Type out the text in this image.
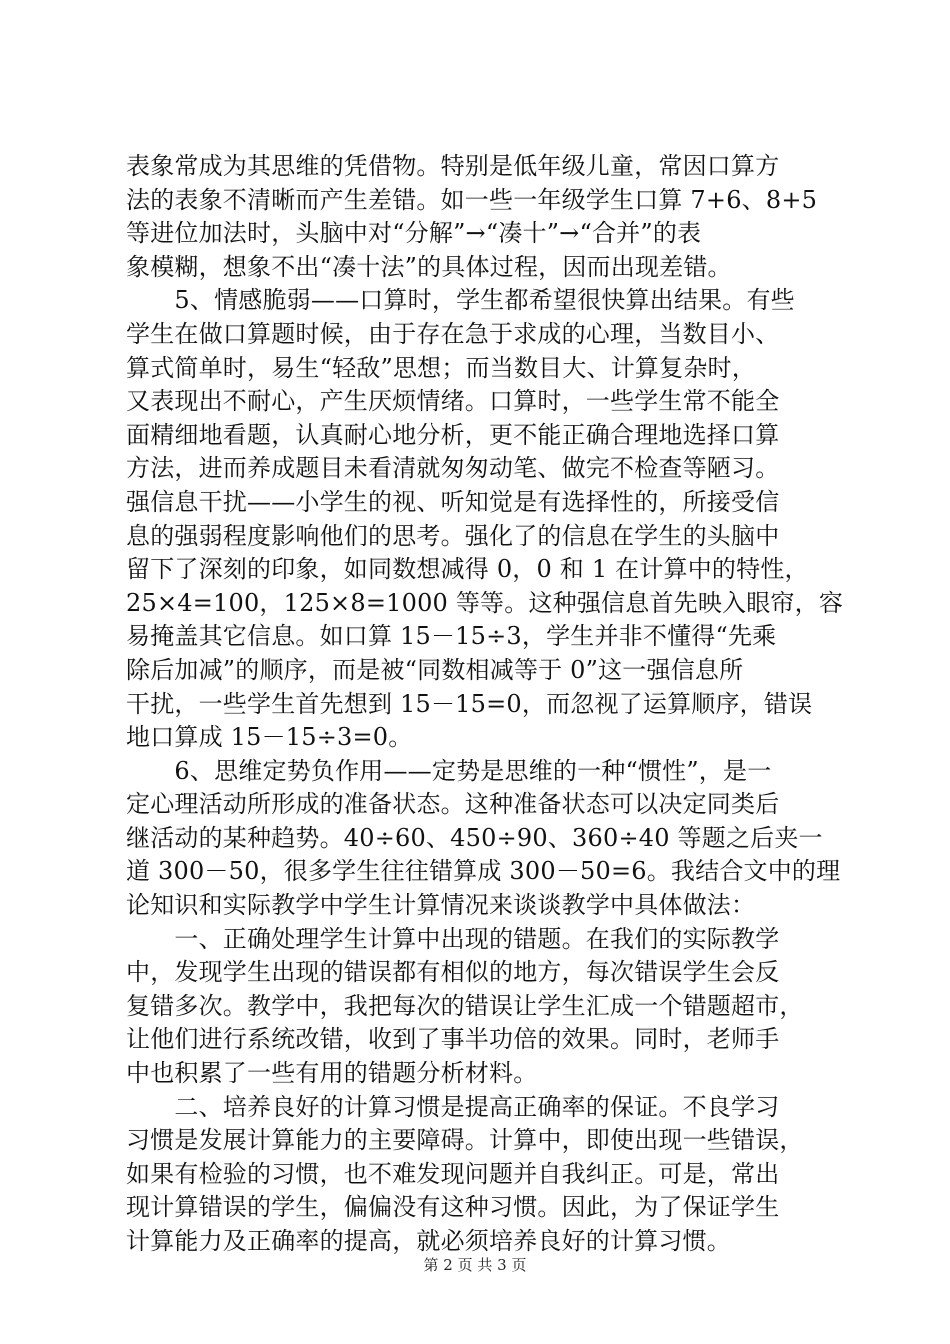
表象常成为其思维的凭借物。特别是低年级儿童，常因口算方
法的表象不清晰而产生差错。如一些一年级学生口算 7+6、8+5
等进位加法时，头脑中对“分解”→“凑十”→“合并”的表
象模糊，想象不出“凑十法”的具体过程，因而出现差错。
　　5、情感脆弱——口算时，学生都希望很快算出结果。有些
学生在做口算题时候，由于存在急于求成的心理，当数目小、
算式简单时，易生“轻敌”思想；而当数目大、计算复杂时，
又表现出不耐心，产生厌烦情绪。口算时，一些学生常不能全
面精细地看题，认真耐心地分析，更不能正确合理地选择口算
方法，进而养成题目未看清就匆匆动笔、做完不检查等陋习。
强信息干扰——小学生的视、听知觉是有选择性的，所接受信
息的强弱程度影响他们的思考。强化了的信息在学生的头脑中
留下了深刻的印象，如同数想减得 0，0 和 1 在计算中的特性，
25×4=100，125×8=1000 等等。这种强信息首先映入眼帘，容
易掩盖其它信息。如口算 15－15÷3，学生并非不懂得“先乘
除后加减”的顺序，而是被“同数相减等于 0”这一强信息所
干扰，一些学生首先想到 15－15=0，而忽视了运算顺序，错误
地口算成 15－15÷3=0。
　　6、思维定势负作用——定势是思维的一种“惯性”，是一
定心理活动所形成的准备状态。这种准备状态可以决定同类后
继活动的某种趋势。40÷60、450÷90、360÷40 等题之后夹一
道 300－50，很多学生往往错算成 300－50=6。我结合文中的理
论知识和实际教学中学生计算情况来谈谈教学中具体做法：
　　一、正确处理学生计算中出现的错题。在我们的实际教学
中，发现学生出现的错误都有相似的地方，每次错误学生会反
复错多次。教学中，我把每次的错误让学生汇成一个错题超市，
让他们进行系统改错，收到了事半功倍的效果。同时，老师手
中也积累了一些有用的错题分析材料。
　　二、培养良好的计算习惯是提高正确率的保证。不良学习
习惯是发展计算能力的主要障碍。计算中，即使出现一些错误，
如果有检验的习惯，也不难发现问题并自我纠正。可是，常出
现计算错误的学生，偏偏没有这种习惯。因此，为了保证学生
计算能力及正确率的提高，就必须培养良好的计算习惯。
第 2 页 共 3 页
